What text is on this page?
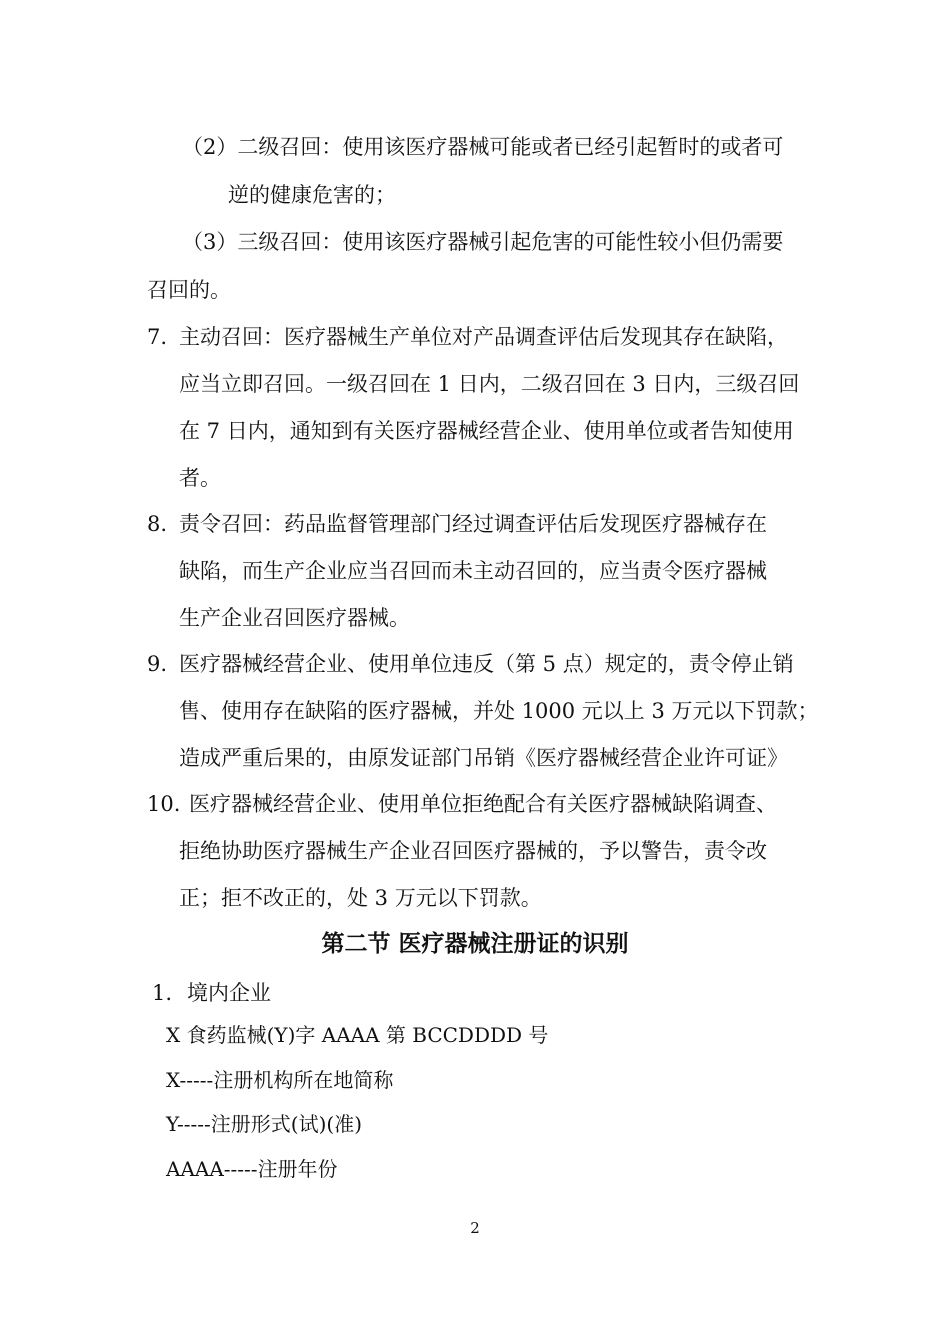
（2）二级召回：使用该医疗器械可能或者已经引起暂时的或者可
逆的健康危害的；
（3）三级召回：使用该医疗器械引起危害的可能性较小但仍需要
召回的。
7. 主动召回：医疗器械生产单位对产品调查评估后发现其存在缺陷，
应当立即召回。一级召回在 1 日内，二级召回在 3 日内，三级召回
在 7 日内，通知到有关医疗器械经营企业、使用单位或者告知使用
者。
8. 责令召回：药品监督管理部门经过调查评估后发现医疗器械存在
缺陷，而生产企业应当召回而未主动召回的，应当责令医疗器械
生产企业召回医疗器械。
9. 医疗器械经营企业、使用单位违反（第 5 点）规定的，责令停止销
售、使用存在缺陷的医疗器械，并处 1000 元以上 3 万元以下罚款；
造成严重后果的，由原发证部门吊销《医疗器械经营企业许可证》
10. 医疗器械经营企业、使用单位拒绝配合有关医疗器械缺陷调查、
拒绝协助医疗器械生产企业召回医疗器械的，予以警告，责令改
正；拒不改正的，处 3 万元以下罚款。
第二节 医疗器械注册证的识别
1. 境内企业
X 食药监械(Y)字 AAAA 第 BCCDDDD 号
X-----注册机构所在地简称
Y-----注册形式(试)(准)
AAAA-----注册年份
2
